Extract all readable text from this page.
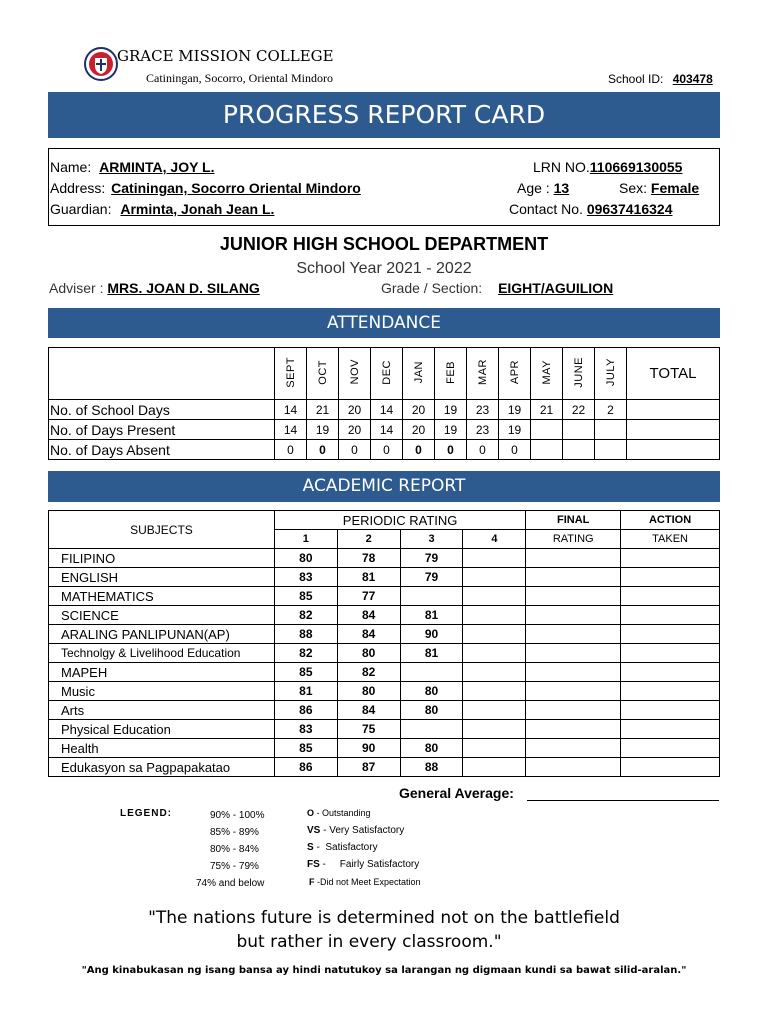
GRACE MISSION COLLEGE
Catiningan, Socorro, Oriental Mindoro	School ID: 403478
PROGRESS REPORT CARD
Name: ARMINTA, JOY L.
Address: Catiningan, Socorro Oriental Mindoro
Guardian: Arminta, Jonah Jean L.
LRN NO.110669130055
Age : 13	Sex: Female
Contact No. 09637416324
JUNIOR HIGH SCHOOL DEPARTMENT
School Year 2021 - 2022
Adviser : MRS. JOAN D. SILANG	Grade / Section: EIGHT/AGUILION
ATTENDANCE
	SEPT	OCT	NOV	DEC	JAN	FEB	MAR	APR	MAY	JUNE	JULY	TOTAL
No. of School Days	14	21	20	14	20	19	23	19	21	22	2	
No. of Days Present	14	19	20	14	20	19	23	19				
No. of Days Absent	0	0	0	0	0	0	0	0				
ACADEMIC REPORT
SUBJECTS	PERIODIC RATING				FINAL	ACTION
	1	2	3	4	RATING	TAKEN
FILIPINO	80	78	79			
ENGLISH	83	81	79			
MATHEMATICS	85	77				
SCIENCE	82	84	81			
ARALING PANLIPUNAN(AP)	88	84	90			
Technolgy & Livelihood Education	82	80	81			
MAPEH	85	82				
Music	81	80	80			
Arts	86	84	80			
Physical Education	83	75				
Health	85	90	80			
Edukasyon sa Pagpapakatao	86	87	88			
General Average:
LEGEND:	90% - 100%
85% - 89%
80% - 84%
75% - 79%
74% and below
O - Outstanding
VS - Very Satisfactory
S -  Satisfactory
FS -     Fairly Satisfactory
F -Did not Meet Expectation
"The nations future is determined not on the battlefield
but rather in every classroom."
"Ang kinabukasan ng isang bansa ay hindi natutukoy sa larangan ng digmaan kundi sa bawat silid-aralan."
